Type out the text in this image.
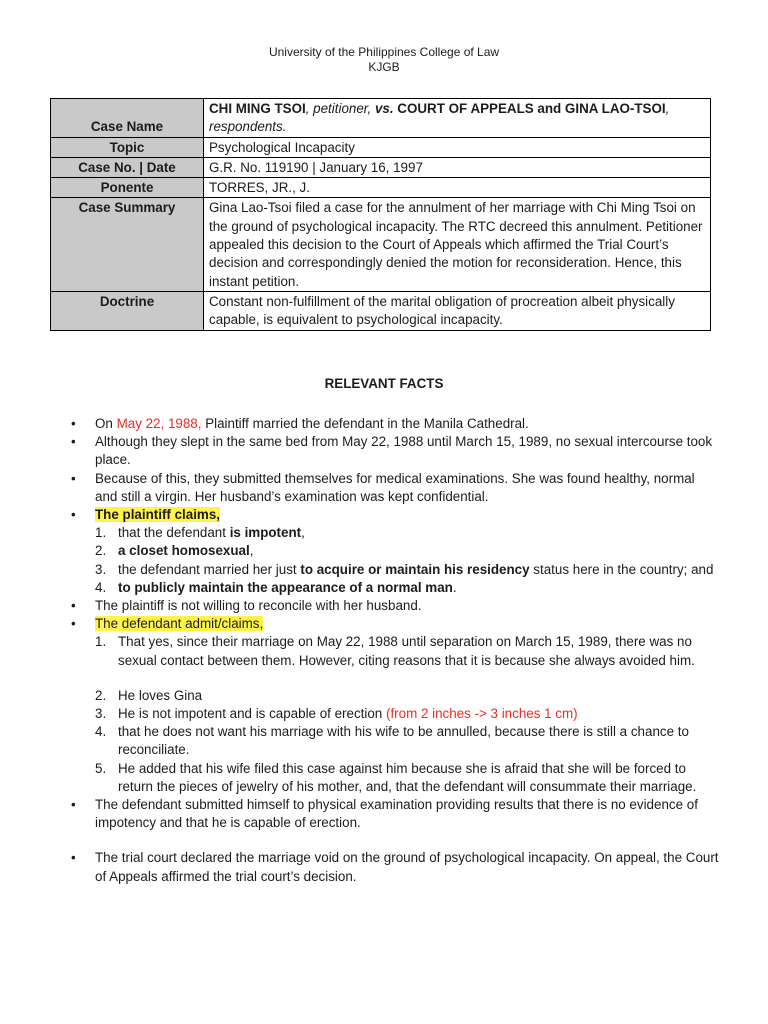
University of the Philippines College of Law
KJGB
Case Name	CHI MING TSOI, petitioner, vs. COURT OF APPEALS and GINA LAO-TSOI, respondents.
Topic	Psychological Incapacity
Case No. | Date	G.R. No. 119190 | January 16, 1997
Ponente	TORRES, JR., J.
Case Summary	Gina Lao-Tsoi filed a case for the annulment of her marriage with Chi Ming Tsoi on the ground of psychological incapacity. The RTC decreed this annulment. Petitioner appealed this decision to the Court of Appeals which affirmed the Trial Court’s decision and correspondingly denied the motion for reconsideration. Hence, this instant petition.
Doctrine	Constant non-fulfillment of the marital obligation of procreation albeit physically capable, is equivalent to psychological incapacity.
RELEVANT FACTS
• On May 22, 1988, Plaintiff married the defendant in the Manila Cathedral.
• Although they slept in the same bed from May 22, 1988 until March 15, 1989, no sexual intercourse took place.
• Because of this, they submitted themselves for medical examinations. She was found healthy, normal and still a virgin. Her husband’s examination was kept confidential.
• The plaintiff claims,
1. that the defendant is impotent,
2. a closet homosexual,
3. the defendant married her just to acquire or maintain his residency status here in the country; and
4. to publicly maintain the appearance of a normal man.
• The plaintiff is not willing to reconcile with her husband.
• The defendant admit/claims,
1. That yes, since their marriage on May 22, 1988 until separation on March 15, 1989, there was no sexual contact between them. However, citing reasons that it is because she always avoided him.
2. He loves Gina
3. He is not impotent and is capable of erection (from 2 inches -> 3 inches 1 cm)
4. that he does not want his marriage with his wife to be annulled, because there is still a chance to reconciliate.
5. He added that his wife filed this case against him because she is afraid that she will be forced to return the pieces of jewelry of his mother, and, that the defendant will consummate their marriage.
• The defendant submitted himself to physical examination providing results that there is no evidence of impotency and that he is capable of erection.
• The trial court declared the marriage void on the ground of psychological incapacity. On appeal, the Court of Appeals affirmed the trial court’s decision.
